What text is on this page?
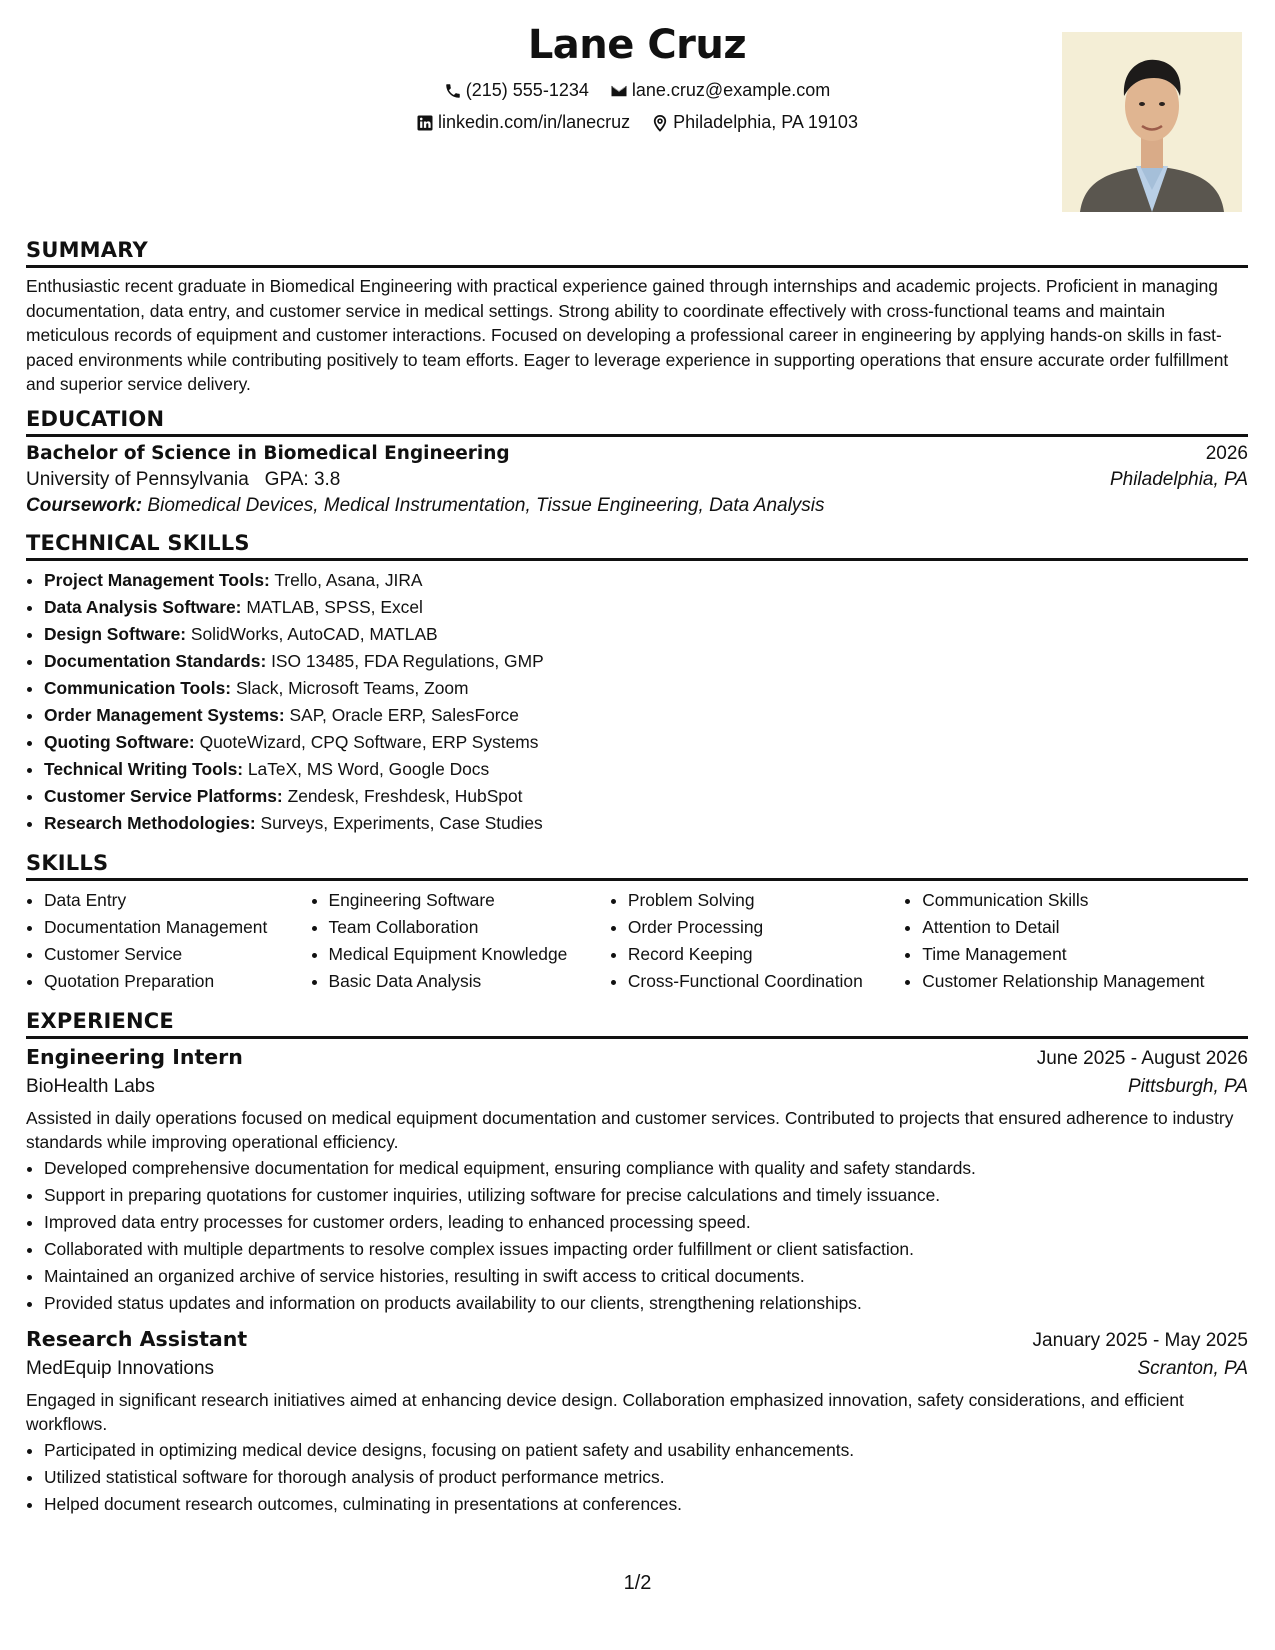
Lane Cruz
(215) 555-1234
lane.cruz@example.com
linkedin.com/in/lanecruz
Philadelphia, PA 19103
SUMMARY
Enthusiastic recent graduate in Biomedical Engineering with practical experience gained through internships and academic projects. Proficient in managing documentation, data entry, and customer service in medical settings. Strong ability to coordinate effectively with cross-functional teams and maintain meticulous records of equipment and customer interactions. Focused on developing a professional career in engineering by applying hands-on skills in fast-paced environments while contributing positively to team efforts. Eager to leverage experience in supporting operations that ensure accurate order fulfillment and superior service delivery.
EDUCATION
Bachelor of Science in Biomedical Engineering	2026
University of Pennsylvania GPA: 3.8	Philadelphia, PA
Coursework: Biomedical Devices, Medical Instrumentation, Tissue Engineering, Data Analysis
TECHNICAL SKILLS
• Project Management Tools: Trello, Asana, JIRA
• Data Analysis Software: MATLAB, SPSS, Excel
• Design Software: SolidWorks, AutoCAD, MATLAB
• Documentation Standards: ISO 13485, FDA Regulations, GMP
• Communication Tools: Slack, Microsoft Teams, Zoom
• Order Management Systems: SAP, Oracle ERP, SalesForce
• Quoting Software: QuoteWizard, CPQ Software, ERP Systems
• Technical Writing Tools: LaTeX, MS Word, Google Docs
• Customer Service Platforms: Zendesk, Freshdesk, HubSpot
• Research Methodologies: Surveys, Experiments, Case Studies
SKILLS
• Data Entry
• Documentation Management
• Customer Service
• Quotation Preparation
• Engineering Software
• Team Collaboration
• Medical Equipment Knowledge
• Basic Data Analysis
• Problem Solving
• Order Processing
• Record Keeping
• Cross-Functional Coordination
• Communication Skills
• Attention to Detail
• Time Management
• Customer Relationship Management
EXPERIENCE
Engineering Intern	June 2025 - August 2026
BioHealth Labs	Pittsburgh, PA
Assisted in daily operations focused on medical equipment documentation and customer services. Contributed to projects that ensured adherence to industry standards while improving operational efficiency.
• Developed comprehensive documentation for medical equipment, ensuring compliance with quality and safety standards.
• Support in preparing quotations for customer inquiries, utilizing software for precise calculations and timely issuance.
• Improved data entry processes for customer orders, leading to enhanced processing speed.
• Collaborated with multiple departments to resolve complex issues impacting order fulfillment or client satisfaction.
• Maintained an organized archive of service histories, resulting in swift access to critical documents.
• Provided status updates and information on products availability to our clients, strengthening relationships.
Research Assistant	January 2025 - May 2025
MedEquip Innovations	Scranton, PA
Engaged in significant research initiatives aimed at enhancing device design. Collaboration emphasized innovation, safety considerations, and efficient workflows.
• Participated in optimizing medical device designs, focusing on patient safety and usability enhancements.
• Utilized statistical software for thorough analysis of product performance metrics.
• Helped document research outcomes, culminating in presentations at conferences.
1/2
